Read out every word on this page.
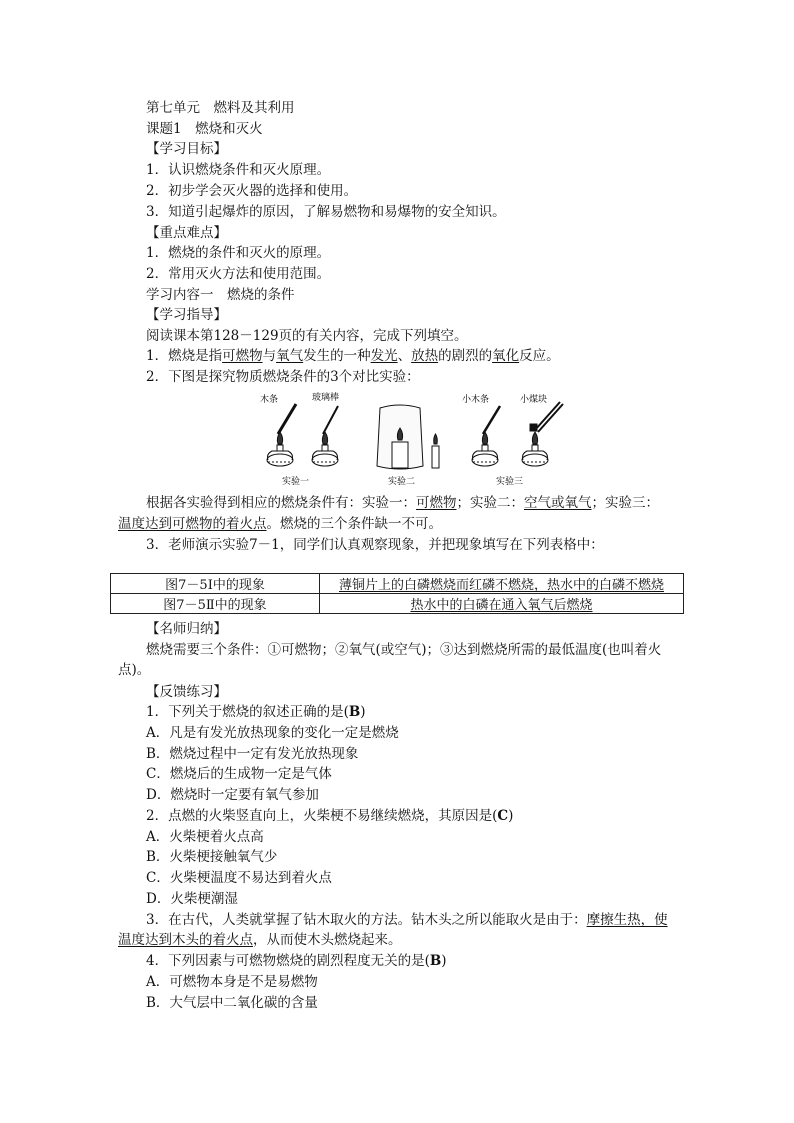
第七单元　燃料及其利用
课题1　燃烧和灭火
【学习目标】
1．认识燃烧条件和灭火原理。
2．初步学会灭火器的选择和使用。
3．知道引起爆炸的原因，了解易燃物和易爆物的安全知识。
【重点难点】
1．燃烧的条件和灭火的原理。
2．常用灭火方法和使用范围。
学习内容一　燃烧的条件
【学习指导】
阅读课本第128－129页的有关内容，完成下列填空。
1．燃烧是指可燃物与氧气发生的一种发光、放热的剧烈的氧化反应。
2．下图是探究物质燃烧条件的3个对比实验：
木条	玻璃棒
实验一	实验二
小木条	小煤块
实验三
根据各实验得到相应的燃烧条件有：实验一：可燃物；实验二：空气或氧气；实验三：
温度达到可燃物的着火点。燃烧的三个条件缺一不可。
3．老师演示实验7－1，同学们认真观察现象，并把现象填写在下列表格中：
图7－5Ⅰ中的现象	薄铜片上的白磷燃烧而红磷不燃烧，热水中的白磷不燃烧
图7－5Ⅱ中的现象	热水中的白磷在通入氧气后燃烧
【名师归纳】
燃烧需要三个条件：①可燃物；②氧气(或空气)；③达到燃烧所需的最低温度(也叫着火
点)。
【反馈练习】
1．下列关于燃烧的叙述正确的是(B)
A．凡是有发光放热现象的变化一定是燃烧
B．燃烧过程中一定有发光放热现象
C．燃烧后的生成物一定是气体
D．燃烧时一定要有氧气参加
2．点燃的火柴竖直向上，火柴梗不易继续燃烧，其原因是(C)
A．火柴梗着火点高
B．火柴梗接触氧气少
C．火柴梗温度不易达到着火点
D．火柴梗潮湿
3．在古代，人类就掌握了钻木取火的方法。钻木头之所以能取火是由于：摩擦生热，使
温度达到木头的着火点，从而使木头燃烧起来。
4．下列因素与可燃物燃烧的剧烈程度无关的是(B)
A．可燃物本身是不是易燃物
B．大气层中二氧化碳的含量
